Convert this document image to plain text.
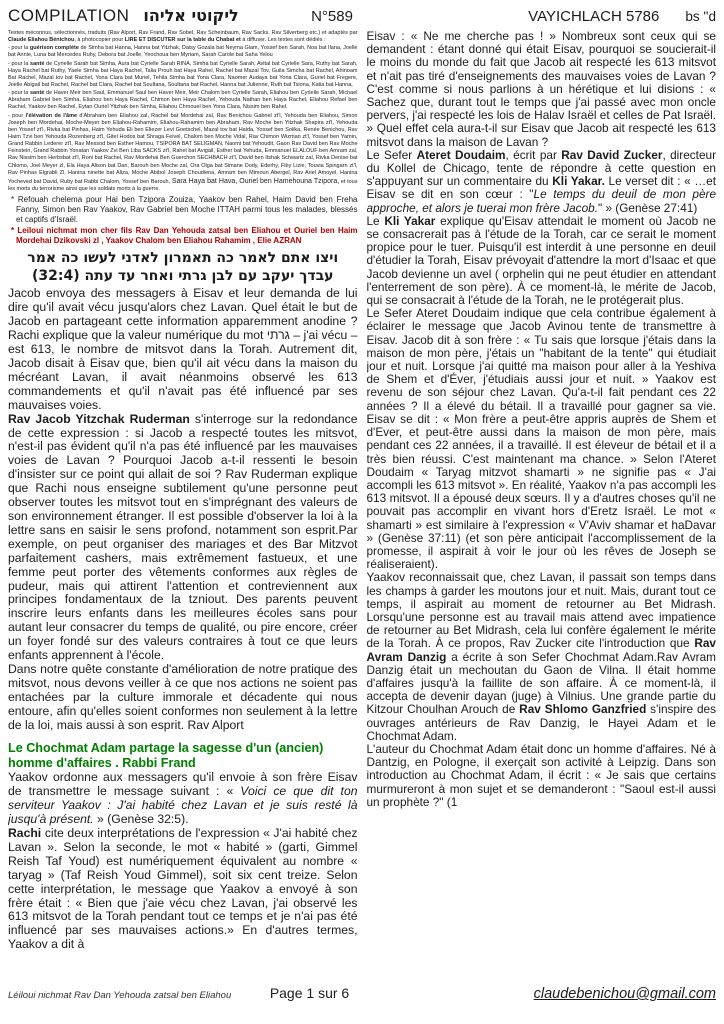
COMPILATION ליקוטי אליהו	N°589	VAYICHLACH 5786 bs ''d

Textes méconnus, sélectionnés, traduits (Rav Alport, Rav Frand, Rav Sobel, Rav Scheinbaum, Rav Sacks, Rav Silverberg etc.) et adaptés par Claude Eliahou Bénichou, à photocopier pour LIRE ET DISCUTER sur la table du Chabat et à diffuser. Les textes sont dédiés :

- pour la guérison complète de Simha bat Hanna, Hanna bat Yitzhak, Daisy Gozala bat Neyma Giam, Yossef ben Sarah, Noa bat Ilana, Joelle bat Annie, Luna bat Mercedes Ruhy, Debora bat Joelle, Yeochoua ben Myriam, Sarah Carole bat Saha Yelou

- pour la santé de Cyrielle Sarah bat Simha, Aura bat Cyrielle Sarah RINA, Simha bat Cyrielle Sarah, Avital bat Cyrielle Sara, Ruthy bat Sarah, Haya Rachel bat Ruthy, Yaele Simha bat Haya Rachel, Talia Prouh bat Haya Rahel, Rachel bat Mazal Tov, Guila Simcha bat Rachel, Ahinoam Bat Rachel, Mazal tov bat Rachel, Yona Clara bat Muriel, Tehila Simha bat Yona Clara, Naomer Audaya bat Yona Clara, Guriel bat Fregere, Joelle Abigail bat Rachel, Rachel bat Clara, Rachel bat Soultana, Soultana bat Rachel, Hanna bat Julienne, Ruth bat Tsiona, Katia bat Hanna,

- pour la santé de Haver Meir ben Saul, Emmanuel Saul ben Haver Meir, Meir Chalom ben Cyrielle Sarah, Eliahou ben Cyrielle Sarah, Michael Abraham Gabriel ben Simha, Eliahou ben Haya Rachel, Chimon ben Haya Rachel, Yehouda Nathan ben Haya Rachel, Eliahou Refael ben Rachel, Yaakov ben Rachel, Eytan Ouriel Yitzhak ben Simha, Eliahou Chmouel ben Yona Clara, Nissim ben Rahel.

- pour l'élévation de l'âme d'Abraham ben Eliahou zal, Rachel bat Mordehai zal, Rav Benichou Gabriel zt'l, Yehouda ben Eliahou, Simon Joseph ben Mordehai, Moche-Meyer ben Eliahou-Rahamim, Eliahou-Rahamim ben Abraham, Rav Moche ben Yitzhak Shapira zt'l, Yehouda ben Yossef zt'l, Rivka bat Pinhas, Haim Yehuda Eli ben Eliezer Levi Goetschel, Mazal tov bat Haida, Yossef ben Solika, Renée Benichou, Rav Haim Tzvi ben Yehouda Rozenberg zt'l, Gitel Hodos bat Shraga Feivel, Chalom ben Moche Vidal, Rav Chimon Wizman zt'l, Yossef ben Yamin, Grand Rabbin Lederer zt'l, Rav Messod ben Esther Hamou, TSIPORA BAT SELIGMAN, Naomi bat Yehoudit, Gaon Rav David ben Rav Moche Feinstein, Grand Rabbin Yonatan Yaakov Zvi Ben Liba SACKS zt'l, Rahel bat Avigail, Esther bat Yehuda, Emmanuel ELALOUF ben Amram zal, Rav Nissim ben Herbsbat zt'l, Roni bat Rachel, Rav Mordehai Ben Guerchon SECHBACH zt'l, David ben Itshak Schwartz zal, Rivka Denise bat Chlomo, Joel Meyer zl, Ela Haya Alison bat Dan, Barouh ben Moche zal, Ora Olga bat Simane Dody, Ederhy, Fiby Lizie, Touvia Spingarn zt'l, Rav Pinhas Elgrabli Zl, Hanina ninette bat Aliza, Moche Abibol Joseph Choudiena, Amram ben Mimoun Abergel, Rav Ariel Amoyel, Hanina Yocheved bat David, Ruby bat Rabbi Chalom, Yossef ben Barouh, Sara Haya bat Hava, Ouriel ben Hamehouna Tzipora, et tous les morts du terrorisme ainsi que les soldats morts à la guerre.

* Refouah chelema pour Hai ben Tzipora Zouiza, Yaakov ben Rahel, Haim David ben Freha Fanny, Simon ben Rav Yaakov, Rav Gabriel ben Moche ITTAH parmi tous les malades, blessés et captifs d'Israël.

* Leiloui nichmat mon cher fils Rav Dan Yehouda zatsal ben Eliahou et Ouriel ben Haim Mordehai Dzikovski zl , Yaakov Chalom ben Eliahou Rahamim , Elie AZRAN

ויצו אתם לאמר כה תאמרון לאדני לעשו כה אמר עבדך יעקב עם לבן גרתי ואחר עד עתה (32:4)

Jacob envoya des messagers à Eisav et leur demanda de lui dire qu'il avait vécu jusqu'alors chez Lavan. Quel était le but de Jacob en partageant cette information apparemment anodine ? Rachi explique que la valeur numérique du mot גרתי – j'ai vécu – est 613, le nombre de mitsvot dans la Torah. Autrement dit, Jacob disait à Eisav que, bien qu'il ait vécu dans la maison du mécréant Lavan, il avait néanmoins observé les 613 commandements et qu'il n'avait pas été influencé par ses mauvaises voies.

Rav Jacob Yitzchak Ruderman s'interroge sur la redondance de cette expression : si Jacob a respecté toutes les mitsvot, n'est-il pas évident qu'il n'a pas été influencé par les mauvaises voies de Lavan ? Pourquoi Jacob a-t-il ressenti le besoin d'insister sur ce point qui allait de soi ? Rav Ruderman explique que Rachi nous enseigne subtilement qu'une personne peut observer toutes les mitsvot tout en s'imprégnant des valeurs de son environnement étranger. Il est possible d'observer la loi à la lettre sans en saisir le sens profond, notamment son esprit.Par exemple, on peut organiser des mariages et des Bar Mitzvot parfaitement cashers, mais extrêmement fastueux, et une femme peut porter des vêtements conformes aux règles de pudeur, mais qui attirent l'attention et contreviennent aux principes fondamentaux de la tzniout. Des parents peuvent inscrire leurs enfants dans les meilleures écoles sans pour autant leur consacrer du temps de qualité, ou pire encore, créer un foyer fondé sur des valeurs contraires à tout ce que leurs enfants apprennent à l'école.

Dans notre quête constante d'amélioration de notre pratique des mitsvot, nous devons veiller à ce que nos actions ne soient pas entachées par la culture immorale et décadente qui nous entoure, afin qu'elles soient conformes non seulement à la lettre de la loi, mais aussi à son esprit. Rav Alport

Le Chochmat Adam partage la sagesse d'un (ancien) homme d'affaires . Rabbi Frand

Yaakov ordonne aux messagers qu'il envoie à son frère Eisav de transmettre le message suivant : « Voici ce que dit ton serviteur Yaakov : J'ai habité chez Lavan et je suis resté là jusqu'à présent. » (Genèse 32:5).

Rachi cite deux interprétations de l'expression « J'ai habité chez Lavan ». Selon la seconde, le mot « habité » (garti, Gimmel Reish Taf Youd) est numériquement équivalent au nombre « taryag » (Taf Reish Youd Gimmel), soit six cent treize. Selon cette interprétation, le message que Yaakov a envoyé à son frère était : « Bien que j'aie vécu chez Lavan, j'ai observé les 613 mitsvot de la Torah pendant tout ce temps et je n'ai pas été influencé par ses mauvaises actions.» En d'autres termes, Yaakov a dit à

Eisav : « Ne me cherche pas ! » Nombreux sont ceux qui se demandent : étant donné qui était Eisav, pourquoi se soucierait-il le moins du monde du fait que Jacob ait respecté les 613 mitsvot et n'ait pas tiré d'enseignements des mauvaises voies de Lavan ? C'est comme si nous parlions à un hérétique et lui disions : « Sachez que, durant tout le temps que j'ai passé avec mon oncle pervers, j'ai respecté les lois de Halav Israël et celles de Pat Israël. » Quel effet cela aura-t-il sur Eisav que Jacob ait respecté les 613 mitsvot dans la maison de Lavan ?

Le Sefer Ateret Doudaim, écrit par Rav David Zucker, directeur du Kollel de Chicago, tente de répondre à cette question en s'appuyant sur un commentaire du Kli Yakar. Le verset dit : « …et Eisav se dit en son cœur : "Le temps du deuil de mon père approche, et alors je tuerai mon frère Jacob." » (Genèse 27:41)

Le Kli Yakar explique qu'Eisav attendait le moment où Jacob ne se consacrerait pas à l'étude de la Torah, car ce serait le moment propice pour le tuer. Puisqu'il est interdit à une personne en deuil d'étudier la Torah, Eisav prévoyait d'attendre la mort d'Isaac et que Jacob devienne un avel ( orphelin qui ne peut étudier en attendant l'enterrement de son père). À ce moment-là, le mérite de Jacob, qui se consacrait à l'étude de la Torah, ne le protégerait plus.

Le Sefer Ateret Doudaim indique que cela contribue également à éclairer le message que Jacob Avinou tente de transmettre à Eisav. Jacob dit à son frère : « Tu sais que lorsque j'étais dans la maison de mon père, j'étais un "habitant de la tente" qui étudiait jour et nuit. Lorsque j'ai quitté ma maison pour aller à la Yeshiva de Shem et d'Éver, j'étudiais aussi jour et nuit. » Yaakov est revenu de son séjour chez Lavan. Qu'a-t-il fait pendant ces 22 années ? Il a élevé du bétail. Il a travaillé pour gagner sa vie. Eisav se dit : « Mon frère a peut-être appris auprès de Shem et d'Ever, et peut-être aussi dans la maison de mon père, mais pendant ces 22 années, il a travaillé. Il est éleveur de bétail et il a très bien réussi. C'est maintenant ma chance. » Selon l'Ateret Doudaim « Taryag mitzvot shamarti » ne signifie pas « J'ai accompli les 613 mitsvot ». En réalité, Yaakov n'a pas accompli les 613 mitsvot. Il a épousé deux sœurs. Il y a d'autres choses qu'il ne pouvait pas accomplir en vivant hors d'Eretz Israël. Le mot « shamarti » est similaire à l'expression « V'Aviv shamar et haDavar » (Genèse 37:11) (et son père anticipait l'accomplissement de la promesse, il aspirait à voir le jour où les rêves de Joseph se réaliseraient).

Yaakov reconnaissait que, chez Lavan, il passait son temps dans les champs à garder les moutons jour et nuit. Mais, durant tout ce temps, il aspirait au moment de retourner au Bet Midrash. Lorsqu'une personne est au travail mais attend avec impatience de retourner au Bet Midrash, cela lui confère également le mérite de la Torah. À ce propos, Rav Zucker cite l'introduction que Rav Avram Danzig a écrite à son Sefer Chochmat Adam.Rav Avram Danzig était un mechoutan du Gaon de Vilna. Il était homme d'affaires jusqu'à la faillite de son affaire. À ce moment-là, il accepta de devenir dayan (juge) à Vilnius. Une grande partie du Kitzour Choulhan Arouch de Rav Shlomo Ganzfried s'inspire des ouvrages antérieurs de Rav Danzig, le Hayei Adam et le Chochmat Adam.

L'auteur du Chochmat Adam était donc un homme d'affaires. Né à Dantzig, en Pologne, il exerçait son activité à Leipzig. Dans son introduction au Chochmat Adam, il écrit : « Je sais que certains murmureront à mon sujet et se demanderont : "Saoul est-il aussi un prophète ?" (1

Léiloui nichmat Rav Dan Yehouda zatsal ben Eliahou	Page 1 sur 6	claudebenichou@gmail.com
